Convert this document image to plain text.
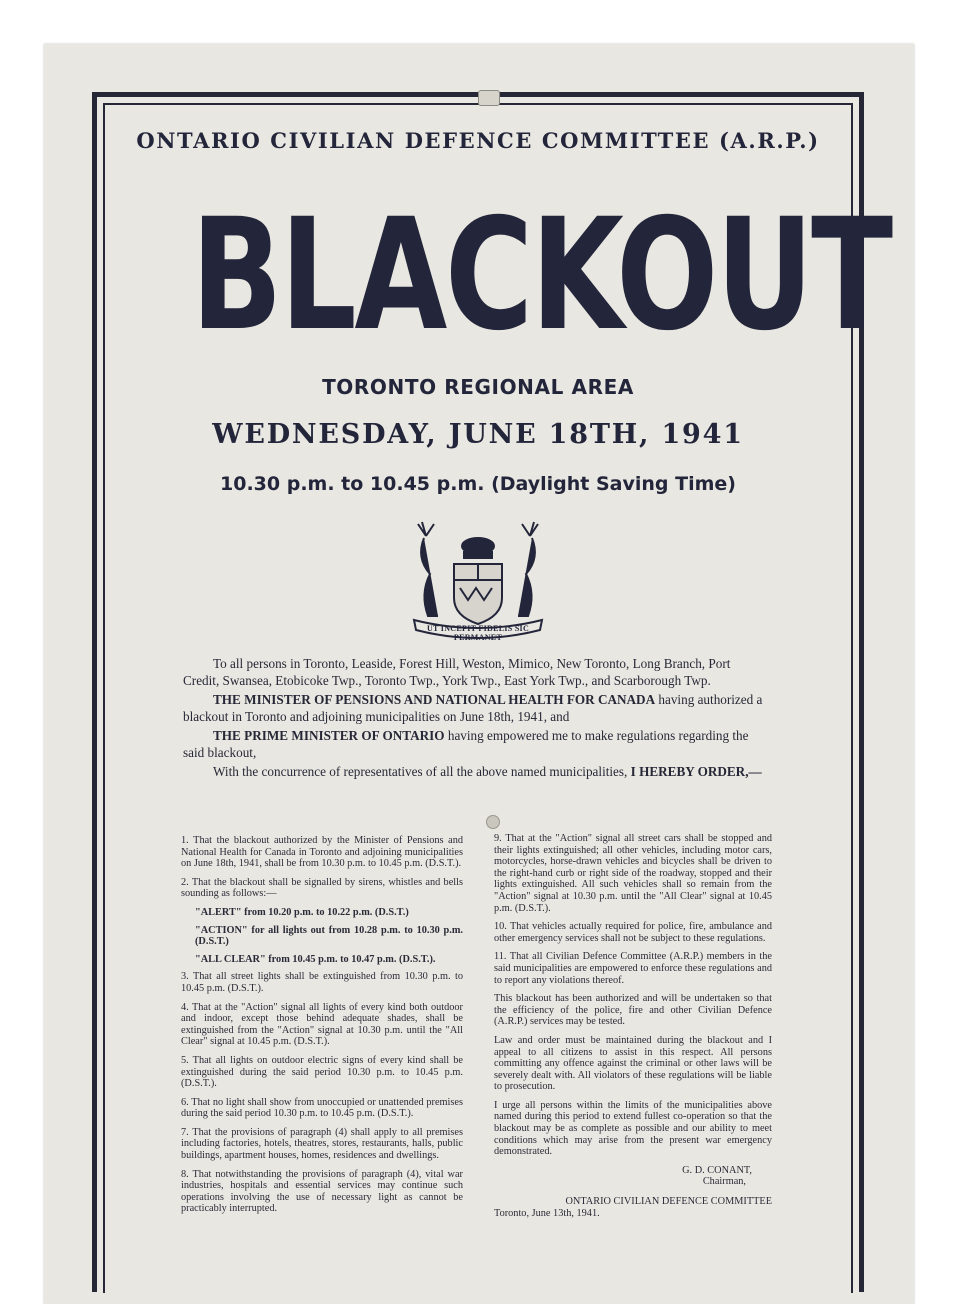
ONTARIO CIVILIAN DEFENCE COMMITTEE (A.R.P.)
BLACKOUT
TORONTO REGIONAL AREA
WEDNESDAY, JUNE 18TH, 1941
10.30 p.m. to 10.45 p.m. (Daylight Saving Time)
UT INCEPIT FIDELIS SIC PERMANET

To all persons in Toronto, Leaside, Forest Hill, Weston, Mimico, New Toronto, Long Branch, Port Credit, Swansea, Etobicoke Twp., Toronto Twp., York Twp., East York Twp., and Scarborough Twp.

THE MINISTER OF PENSIONS AND NATIONAL HEALTH FOR CANADA having authorized a blackout in Toronto and adjoining municipalities on June 18th, 1941, and

THE PRIME MINISTER OF ONTARIO having empowered me to make regulations regarding the said blackout,

With the concurrence of representatives of all the above named municipalities, I HEREBY ORDER,—

1. That the blackout authorized by the Minister of Pensions and National Health for Canada in Toronto and adjoining municipalities on June 18th, 1941, shall be from 10.30 p.m. to 10.45 p.m. (D.S.T.).

2. That the blackout shall be signalled by sirens, whistles and bells sounding as follows:—

"ALERT" from 10.20 p.m. to 10.22 p.m. (D.S.T.)

"ACTION" for all lights out from 10.28 p.m. to 10.30 p.m. (D.S.T.)

"ALL CLEAR" from 10.45 p.m. to 10.47 p.m. (D.S.T.).

3. That all street lights shall be extinguished from 10.30 p.m. to 10.45 p.m. (D.S.T.).

4. That at the "Action" signal all lights of every kind both outdoor and indoor, except those behind adequate shades, shall be extinguished from the "Action" signal at 10.30 p.m. until the "All Clear" signal at 10.45 p.m. (D.S.T.).

5. That all lights on outdoor electric signs of every kind shall be extinguished during the said period 10.30 p.m. to 10.45 p.m. (D.S.T.).

6. That no light shall show from unoccupied or unattended premises during the said period 10.30 p.m. to 10.45 p.m. (D.S.T.).

7. That the provisions of paragraph (4) shall apply to all premises including factories, hotels, theatres, stores, restaurants, halls, public buildings, apartment houses, homes, residences and dwellings.

8. That notwithstanding the provisions of paragraph (4), vital war industries, hospitals and essential services may continue such operations involving the use of necessary light as cannot be practicably interrupted.

9. That at the "Action" signal all street cars shall be stopped and their lights extinguished; all other vehicles, including motor cars, motorcycles, horse-drawn vehicles and bicycles shall be driven to the right-hand curb or right side of the roadway, stopped and their lights extinguished. All such vehicles shall so remain from the "Action" signal at 10.30 p.m. until the "All Clear" signal at 10.45 p.m. (D.S.T.).

10. That vehicles actually required for police, fire, ambulance and other emergency services shall not be subject to these regulations.

11. That all Civilian Defence Committee (A.R.P.) members in the said municipalities are empowered to enforce these regulations and to report any violations thereof.

This blackout has been authorized and will be undertaken so that the efficiency of the police, fire and other Civilian Defence (A.R.P.) services may be tested.

Law and order must be maintained during the blackout and I appeal to all citizens to assist in this respect. All persons committing any offence against the criminal or other laws will be severely dealt with. All violators of these regulations will be liable to prosecution.

I urge all persons within the limits of the municipalities above named during this period to extend fullest co-operation so that the blackout may be as complete as possible and our ability to meet conditions which may arise from the present war emergency demonstrated.

G. D. CONANT,

Chairman,

ONTARIO CIVILIAN DEFENCE COMMITTEE

Toronto, June 13th, 1941.
